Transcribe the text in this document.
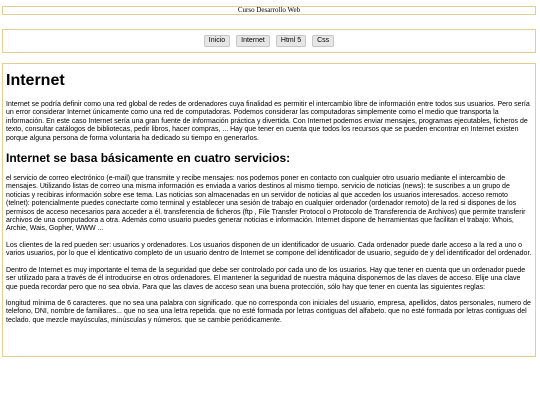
Curso Desarrollo Web
Inicio	Internet	Html 5	Css
Internet

Internet se podría definir como una red global de redes de ordenadores cuya finalidad es permitir el intercambio libre de información entre todos sus usuarios. Pero sería un error considerar Internet únicamente como una red de computadoras. Podemos considerar las computadoras simplemente como el medio que transporta la información. En este caso Internet sería una gran fuente de información práctica y divertida. Con Internet podemos enviar mensajes, programas ejecutables, ficheros de texto, consultar catálogos de bibliotecas, pedir libros, hacer compras, ... Hay que tener en cuenta que todos los recursos que se pueden encontrar en Internet existen porque alguna persona de forma voluntaria ha dedicado su tiempo en generarlos.

Internet se basa básicamente en cuatro servicios:

el servicio de correo electrónico (e-mail) que transmite y recibe mensajes: nos podemos poner en contacto con cualquier otro usuario mediante el intercambio de mensajes. Utilizando listas de correo una misma información es enviada a varios destinos al mismo tiempo. servicio de noticias (news): te suscribes a un grupo de noticias y recibiras información sobre ese tema. Las noticias son almacenadas en un servidor de noticias al que acceden los usuarios interesados. acceso remoto (telnet): potencialmente puedes conectarte como terminal y establecer una sesión de trabajo en cualquier ordenador (ordenador remoto) de la red si dispones de los permisos de acceso necesarios para acceder a él. transferencia de ficheros (ftp , File Transfer Protocol o Protocolo de Transferencia de Archivos) que permite transferir archivos de una computadora a otra. Además como usuario puedes generar noticias e información. Internet dispone de herramientas que facilitan el trabajo: Whois, Archie, Wais, Gopher, WWW ...

Los clientes de la red pueden ser: usuarios y ordenadores. Los usuarios disponen de un identificador de usuario. Cada ordenador puede darle acceso a la red a uno o varios usuarios, por lo que el identicativo completo de un usuario dentro de Internet se compone del identificador de usuario, seguido de y del identificador del ordenador.

Dentro de Internet es muy importante el tema de la seguridad que debe ser controlado por cada uno de los usuarios. Hay que tener en cuenta que un ordenador puede ser utilizado para a través de él introducirse en otros ordenadores. El mantener la seguridad de nuestra máquina disponemos de las claves de acceso. Elije una clave que pueda recordar pero que no sea obvia. Para que las claves de acceso sean una buena protección, sólo hay que tener en cuenta las siguientes reglas:

longitud mínima de 6 caracteres. que no sea una palabra con significado. que no corresponda con iniciales del usuario, empresa, apellidos, datos personales, numero de telefono, DNI, nombre de familiares... que no sea una letra repetida. que no esté formada por letras contiguas del alfabeto. que no esté formada por letras contiguas del teclado. que mezcle mayúsculas, minúsculas y números. que se cambie periódicamente.
